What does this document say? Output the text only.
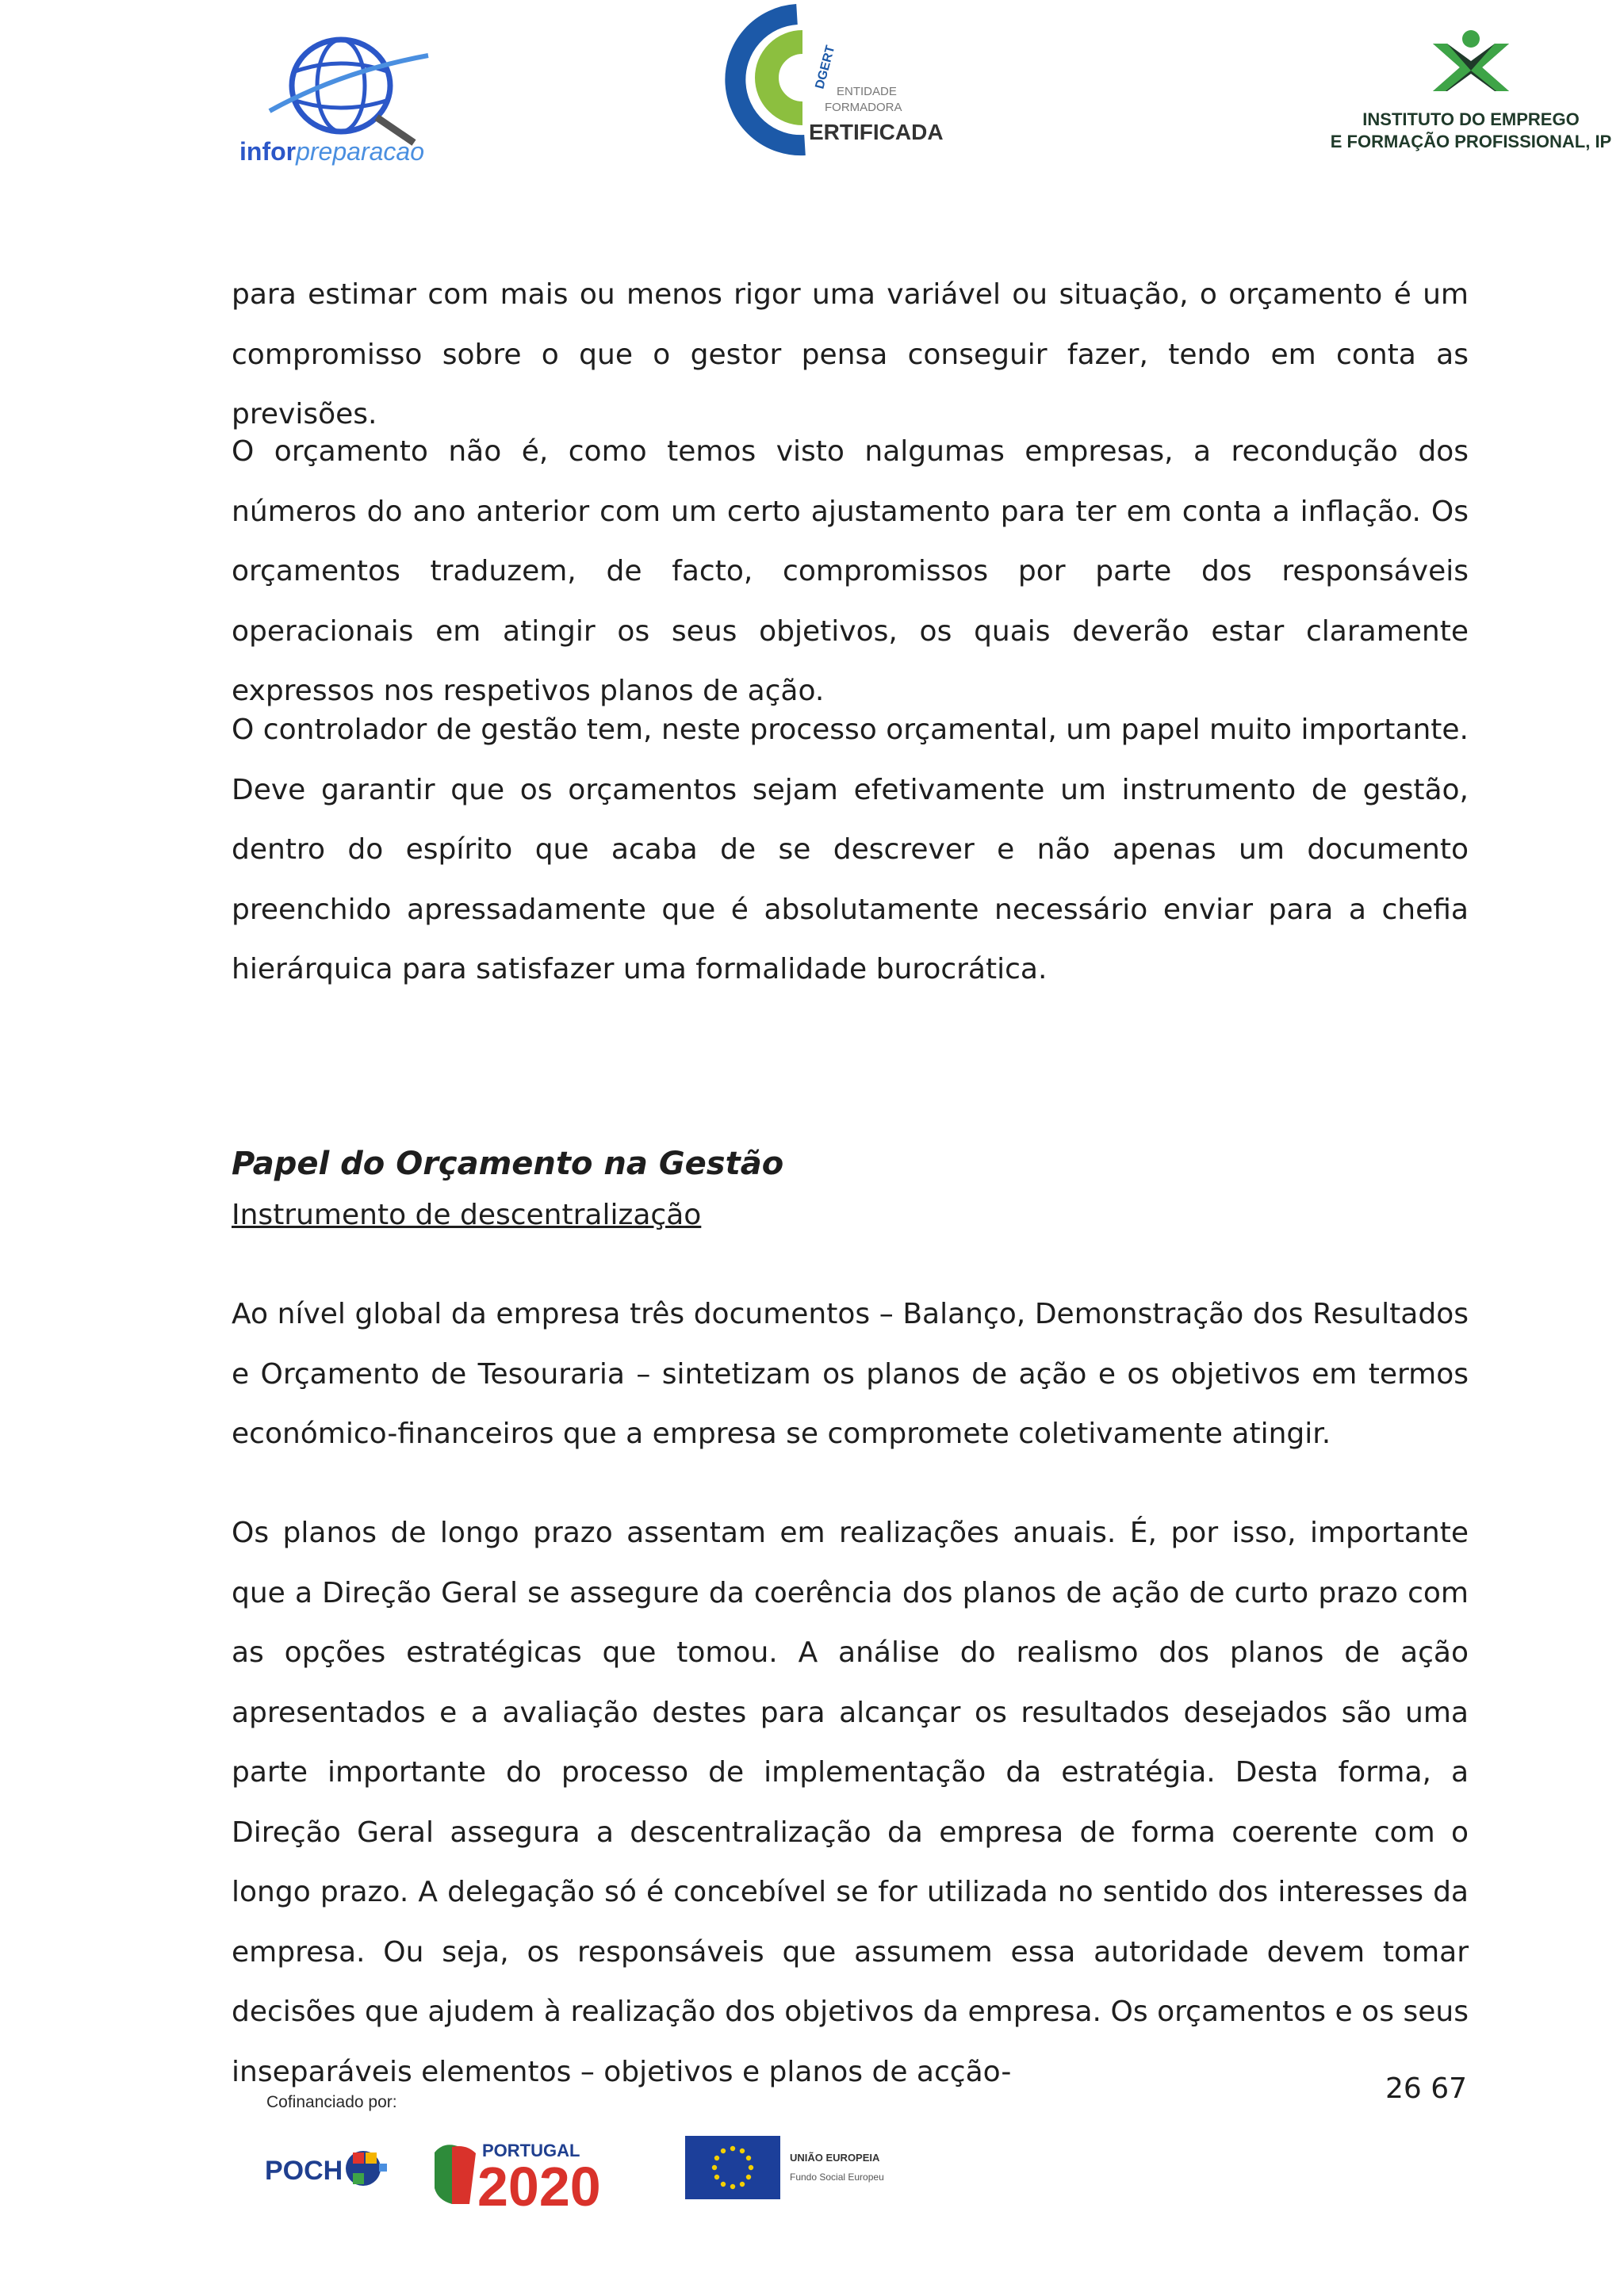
inforpreparacao
DGERT
ENTIDADE
FORMADORA
ERTIFICADA
INSTITUTO DO EMPREGO
E FORMAÇÃO PROFISSIONAL, IP

para estimar com mais ou menos rigor uma variável ou situação, o orçamento é um compromisso sobre o que o gestor pensa conseguir fazer, tendo em conta as previsões.

O orçamento não é, como temos visto nalgumas empresas, a recondução dos números do ano anterior com um certo ajustamento para ter em conta a inflação. Os orçamentos traduzem, de facto, compromissos por parte dos responsáveis operacionais em atingir os seus objetivos, os quais deverão estar claramente expressos nos respetivos planos de ação.

O controlador de gestão tem, neste processo orçamental, um papel muito importante. Deve garantir que os orçamentos sejam efetivamente um instrumento de gestão, dentro do espírito que acaba de se descrever e não apenas um documento preenchido apressadamente que é absolutamente necessário enviar para a chefia hierárquica para satisfazer uma formalidade burocrática.

Papel do Orçamento na Gestão
Instrumento de descentralização

Ao nível global da empresa três documentos – Balanço, Demonstração dos Resultados e Orçamento de Tesouraria – sintetizam os planos de ação e os objetivos em termos económico-financeiros que a empresa se compromete coletivamente atingir.

Os planos de longo prazo assentam em realizações anuais. É, por isso, importante que a Direção Geral se assegure da coerência dos planos de ação de curto prazo com as opções estratégicas que tomou. A análise do realismo dos planos de ação apresentados e a avaliação destes para alcançar os resultados desejados são uma parte importante do processo de implementação da estratégia. Desta forma, a Direção Geral assegura a descentralização da empresa de forma coerente com o longo prazo. A delegação só é concebível se for utilizada no sentido dos interesses da empresa. Ou seja, os responsáveis que assumem essa autoridade devem tomar decisões que ajudem à realização dos objetivos da empresa. Os orçamentos e os seus inseparáveis elementos – objetivos e planos de acção-

26 67
Cofinanciado por:
POCH
PORTUGAL
2020	UNIÃO EUROPEIA
Fundo Social Europeu
